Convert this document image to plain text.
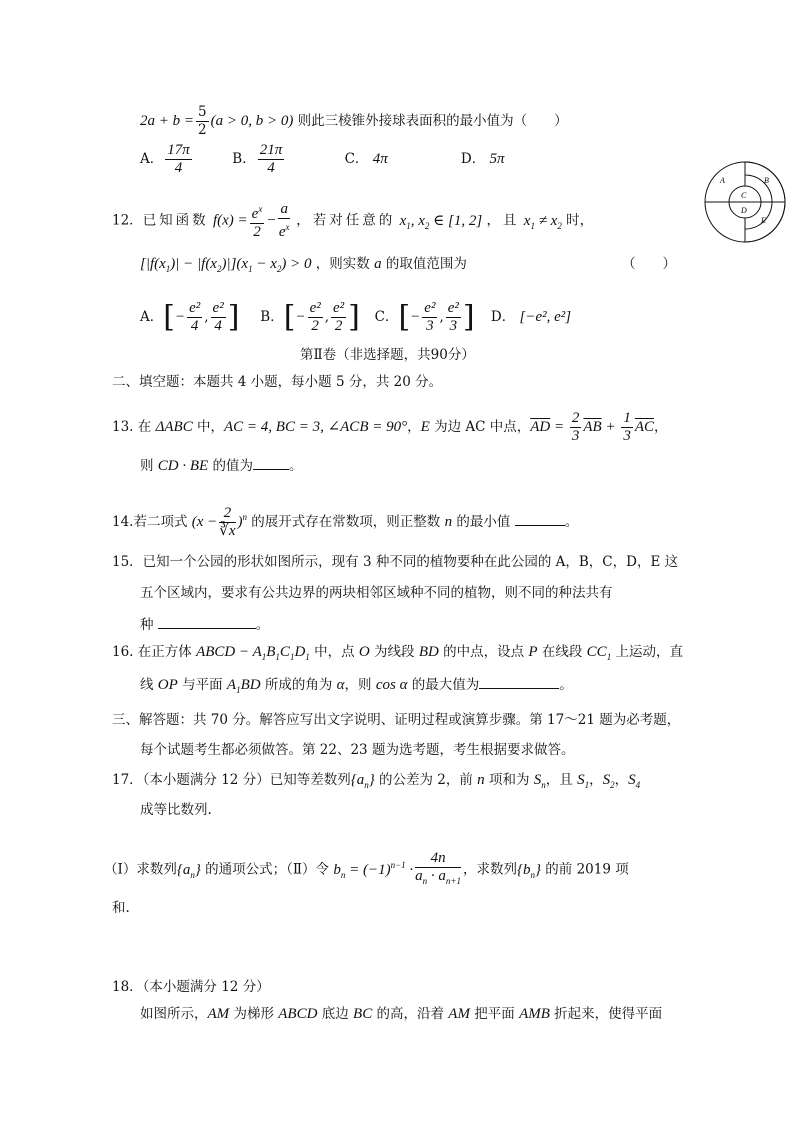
$2a + b = \frac{5}{2} (a > 0$, b > 0) 则此三棱锥外接球表面积的最小值为（　　）
A． $\frac{17\pi}{4}$	B． $\frac{21\pi}{4}$	C． 4π	D． 5π
A	B
C
D
E
12．已知函数 $f(x) = \frac{e^x}{2} - \frac{a}{e^x}$ ，若对任意的 $x_1$, $x_2$ ∈ [1, 2] ，且 $x_1 \ne x_2$ 时，
$[|f(x_1)| - |f(x_2)|](x_1 - x_2) > 0$ ，则实数 a 的取值范围为	（　　）
A．[− $\frac{\text{e²}}{4}$ , $\frac{\text{e²}}{4}$ ] B．[− $\frac{\text{e²}}{2}$ , $\frac{\text{e²}}{2}$ ] C．[− $\frac{\text{e²}}{3}$ , $\frac{\text{e²}}{3}$ ] D． [−e², e²]
第Ⅱ卷（非选择题，共90分）
二、填空题：本题共 4 小题，每小题 5 分，共 20 分。
13. 在 ΔABC 中，AC = 4, BC = 3, ∠ACB = 90°，E 为边 AC 中点，$\overline{AD} = \frac{2}{3} \overline{AB} + \frac{1}{3} \overline{AC}$，
则 CD · BE 的值为	。
14.若二项式 $(x - \frac{2}{∛x} )^n$ 的展开式存在常数项，则正整数 n 的最小值	。
15．已知一个公园的形状如图所示，现有 3 种不同的植物要种在此公园的 A，B，C，D，E 这
五个区域内，要求有公共边界的两块相邻区域种不同的植物，则不同的种法共有
种	。
16. 在正方体 ABCD − $A_1B_1C_1D_1$ 中，点 O 为线段 BD 的中点，设点 P 在线段 $CC_1$ 上运动，直
线 OP 与平面 $A_1BD$ 所成的角为 α，则 cos α 的最大值为	。
三、解答题：共 70 分。解答应写出文字说明、证明过程或演算步骤。第 17～21 题为必考题，
每个试题考生都必须做答。第 22、23 题为选考题，考生根据要求做答。
17．（本小题满分 12 分）已知等差数列$\{a_n\}$ 的公差为 2，前 n 项和为 $S_n$，且 $S_1$，$S_2$，$S_4$
成等比数列.
（Ⅰ）求数列$\{a_n\}$ 的通项公式；（Ⅱ）令 $b_n = (-1)^{n-1} \cdot \frac{4n}{a_n \cdot a_{n+1}}$ ，求数列$\{b_n\}$ 的前 2019 项
和.
18．（本小题满分 12 分）
如图所示，AM 为梯形 ABCD 底边 BC 的高，沿着 AM 把平面 AMB 折起来，使得平面
